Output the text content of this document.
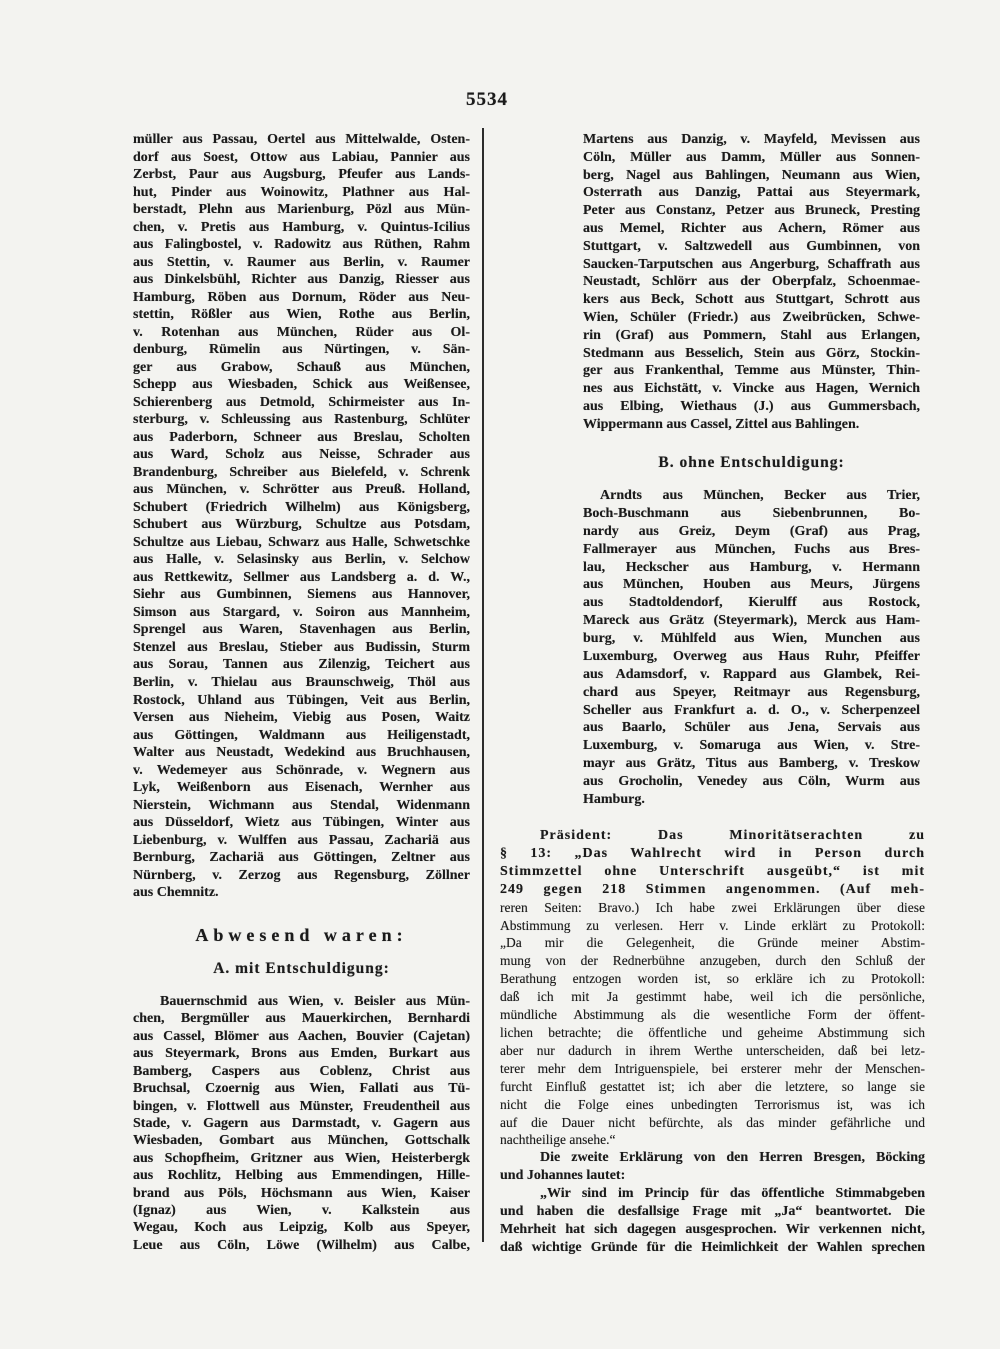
5534
müller aus Passau, Oertel aus Mittelwalde, Osten-
dorf aus Soest, Ottow aus Labiau, Pannier aus
Zerbst, Paur aus Augsburg, Pfeufer aus Lands-
hut, Pinder aus Woinowitz, Plathner aus Hal-
berstadt, Plehn aus Marienburg, Pözl aus Mün-
chen, v. Pretis aus Hamburg, v. Quintus-Icilius
aus Falingbostel, v. Radowitz aus Rüthen, Rahm
aus Stettin, v. Raumer aus Berlin, v. Raumer
aus Dinkelsbühl, Richter aus Danzig, Riesser aus
Hamburg, Röben aus Dornum, Röder aus Neu-
stettin, Rößler aus Wien, Rothe aus Berlin,
v. Rotenhan aus München, Rüder aus Ol-
denburg, Rümelin aus Nürtingen, v. Sän-
ger aus Grabow, Schauß aus München,
Schepp aus Wiesbaden, Schick aus Weißensee,
Schierenberg aus Detmold, Schirmeister aus In-
sterburg, v. Schleussing aus Rastenburg, Schlüter
aus Paderborn, Schneer aus Breslau, Scholten
aus Ward, Scholz aus Neisse, Schrader aus
Brandenburg, Schreiber aus Bielefeld, v. Schrenk
aus München, v. Schrötter aus Preuß. Holland,
Schubert (Friedrich Wilhelm) aus Königsberg,
Schubert aus Würzburg, Schultze aus Potsdam,
Schultze aus Liebau, Schwarz aus Halle, Schwetschke
aus Halle, v. Selasinsky aus Berlin, v. Selchow
aus Rettkewitz, Sellmer aus Landsberg a. d. W.,
Siehr aus Gumbinnen, Siemens aus Hannover,
Simson aus Stargard, v. Soiron aus Mannheim,
Sprengel aus Waren, Stavenhagen aus Berlin,
Stenzel aus Breslau, Stieber aus Budissin, Sturm
aus Sorau, Tannen aus Zilenzig, Teichert aus
Berlin, v. Thielau aus Braunschweig, Thöl aus
Rostock, Uhland aus Tübingen, Veit aus Berlin,
Versen aus Nieheim, Viebig aus Posen, Waitz
aus Göttingen, Waldmann aus Heiligenstadt,
Walter aus Neustadt, Wedekind aus Bruchhausen,
v. Wedemeyer aus Schönrade, v. Wegnern aus
Lyk, Weißenborn aus Eisenach, Wernher aus
Nierstein, Wichmann aus Stendal, Widenmann
aus Düsseldorf, Wietz aus Tübingen, Winter aus
Liebenburg, v. Wulffen aus Passau, Zachariä aus
Bernburg, Zachariä aus Göttingen, Zeltner aus
Nürnberg, v. Zerzog aus Regensburg, Zöllner
aus Chemnitz.
Abwesend waren:
A. mit Entschuldigung:
Bauernschmid aus Wien, v. Beisler aus Mün-
chen, Bergmüller aus Mauerkirchen, Bernhardi
aus Cassel, Blömer aus Aachen, Bouvier (Cajetan)
aus Steyermark, Brons aus Emden, Burkart aus
Bamberg, Caspers aus Coblenz, Christ aus
Bruchsal, Czoernig aus Wien, Fallati aus Tü-
bingen, v. Flottwell aus Münster, Freudentheil aus
Stade, v. Gagern aus Darmstadt, v. Gagern aus
Wiesbaden, Gombart aus München, Gottschalk
aus Schopfheim, Gritzner aus Wien, Heisterbergk
aus Rochlitz, Helbing aus Emmendingen, Hille-
brand aus Pöls, Höchsmann aus Wien, Kaiser
(Ignaz) aus Wien, v. Kalkstein aus
Wegau, Koch aus Leipzig, Kolb aus Speyer,
Leue aus Cöln, Löwe (Wilhelm) aus Calbe,
Martens aus Danzig, v. Mayfeld, Mevissen aus
Cöln, Müller aus Damm, Müller aus Sonnen-
berg, Nagel aus Bahlingen, Neumann aus Wien,
Osterrath aus Danzig, Pattai aus Steyermark,
Peter aus Constanz, Petzer aus Bruneck, Presting
aus Memel, Richter aus Achern, Römer aus
Stuttgart, v. Saltzwedell aus Gumbinnen, von
Saucken-Tarputschen aus Angerburg, Schaffrath aus
Neustadt, Schlörr aus der Oberpfalz, Schoenmae-
kers aus Beck, Schott aus Stuttgart, Schrott aus
Wien, Schüler (Friedr.) aus Zweibrücken, Schwe-
rin (Graf) aus Pommern, Stahl aus Erlangen,
Stedmann aus Besselich, Stein aus Görz, Stockin-
ger aus Frankenthal, Temme aus Münster, Thin-
nes aus Eichstätt, v. Vincke aus Hagen, Wernich
aus Elbing, Wiethaus (J.) aus Gummersbach,
Wippermann aus Cassel, Zittel aus Bahlingen.
B. ohne Entschuldigung:
Arndts aus München, Becker aus Trier,
Boch-Buschmann aus Siebenbrunnen, Bo-
nardy aus Greiz, Deym (Graf) aus Prag,
Fallmerayer aus München, Fuchs aus Bres-
lau, Heckscher aus Hamburg, v. Hermann
aus München, Houben aus Meurs, Jürgens
aus Stadtoldendorf, Kierulff aus Rostock,
Mareck aus Grätz (Steyermark), Merck aus Ham-
burg, v. Mühlfeld aus Wien, Munchen aus
Luxemburg, Overweg aus Haus Ruhr, Pfeiffer
aus Adamsdorf, v. Rappard aus Glambek, Rei-
chard aus Speyer, Reitmayr aus Regensburg,
Scheller aus Frankfurt a. d. O., v. Scherpenzeel
aus Baarlo, Schüler aus Jena, Servais aus
Luxemburg, v. Somaruga aus Wien, v. Stre-
mayr aus Grätz, Titus aus Bamberg, v. Treskow
aus Grocholin, Venedey aus Cöln, Wurm aus
Hamburg.
Präsident: Das Minoritätserachten zu
§ 13: „Das Wahlrecht wird in Person durch
Stimmzettel ohne Unterschrift ausgeübt,“ ist mit
249 gegen 218 Stimmen angenommen. (Auf meh-
reren Seiten: Bravo.) Ich habe zwei Erklärungen über diese
Abstimmung zu verlesen. Herr v. Linde erklärt zu Protokoll:
„Da mir die Gelegenheit, die Gründe meiner Abstim-
mung von der Rednerbühne anzugeben, durch den Schluß der
Berathung entzogen worden ist, so erkläre ich zu Protokoll:
daß ich mit Ja gestimmt habe, weil ich die persönliche,
mündliche Abstimmung als die wesentliche Form der öffent-
lichen betrachte; die öffentliche und geheime Abstimmung sich
aber nur dadurch in ihrem Werthe unterscheiden, daß bei letz-
terer mehr dem Intriguenspiele, bei ersterer mehr der Menschen-
furcht Einfluß gestattet ist; ich aber die letztere, so lange sie
nicht die Folge eines unbedingten Terrorismus ist, was ich
auf die Dauer nicht befürchte, als das minder gefährliche und
nachtheilige ansehe.“
Die zweite Erklärung von den Herren Bresgen, Böcking
und Johannes lautet:
„Wir sind im Princip für das öffentliche Stimmabgeben
und haben die desfallsige Frage mit „Ja“ beantwortet. Die
Mehrheit hat sich dagegen ausgesprochen. Wir verkennen nicht,
daß wichtige Gründe für die Heimlichkeit der Wahlen sprechen
